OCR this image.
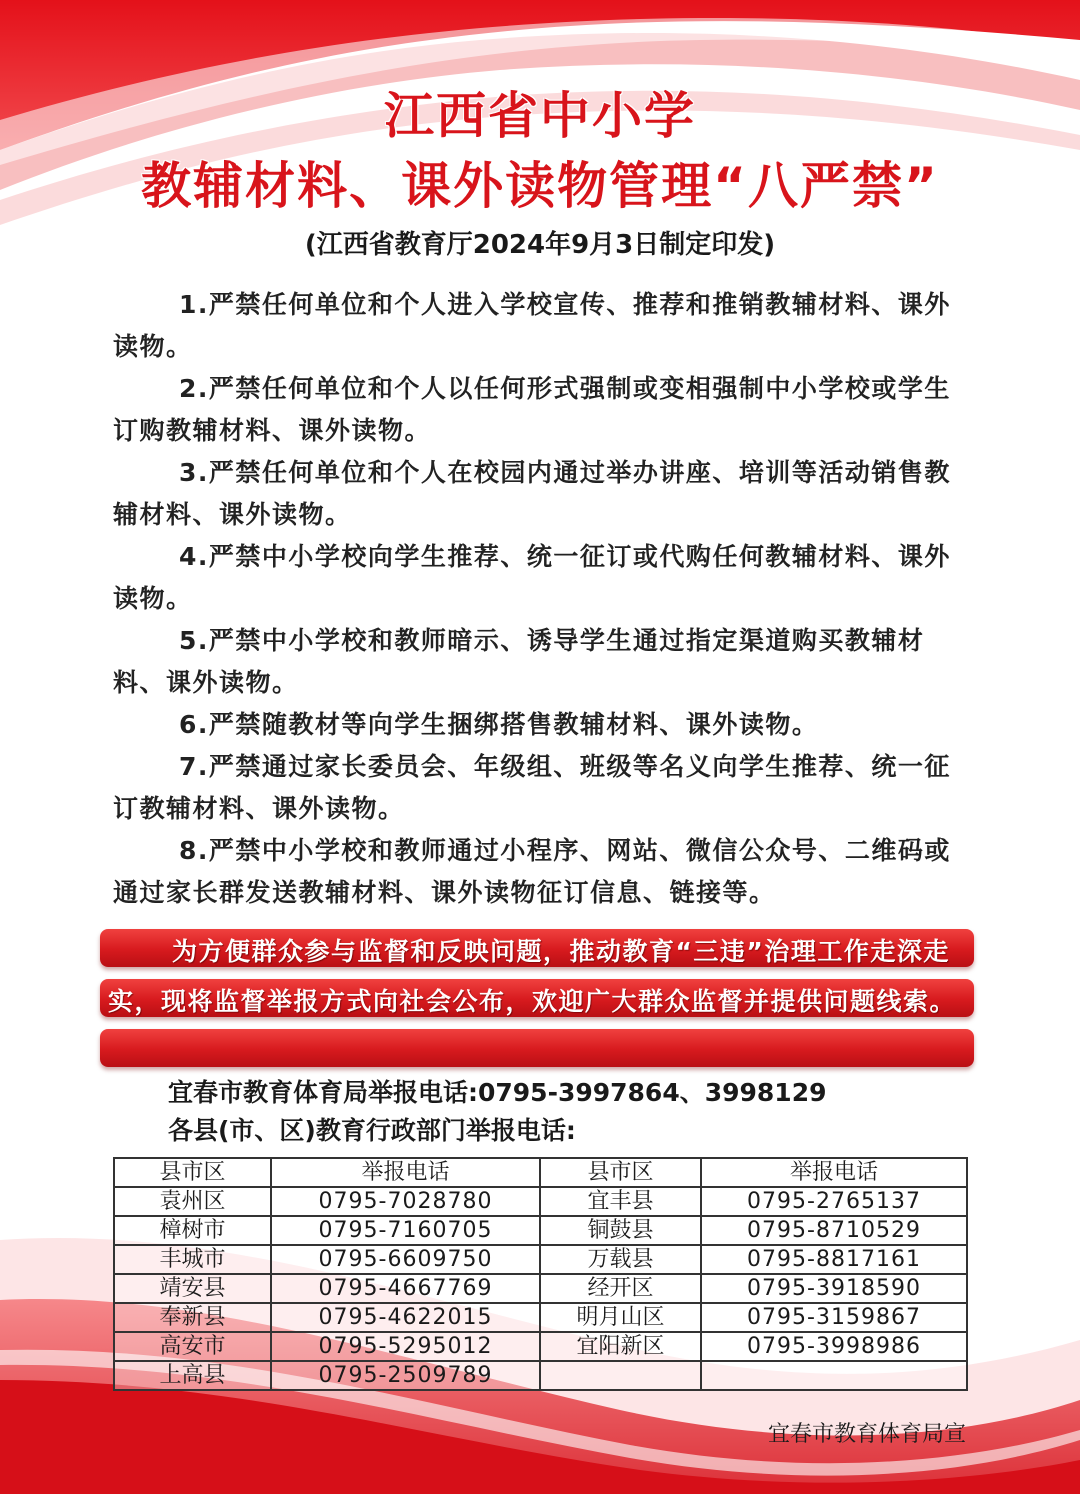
江西省中小学
教辅材料、课外读物管理“八严禁”
(江西省教育厅2024年9月3日制定印发)
1.严禁任何单位和个人进入学校宣传、推荐和推销教辅材料、课外读物。
2.严禁任何单位和个人以任何形式强制或变相强制中小学校或学生订购教辅材料、课外读物。
3.严禁任何单位和个人在校园内通过举办讲座、培训等活动销售教辅材料、课外读物。
4.严禁中小学校向学生推荐、统一征订或代购任何教辅材料、课外读物。
5.严禁中小学校和教师暗示、诱导学生通过指定渠道购买教辅材料、课外读物。
6.严禁随教材等向学生捆绑搭售教辅材料、课外读物。
7.严禁通过家长委员会、年级组、班级等名义向学生推荐、统一征订教辅材料、课外读物。
8.严禁中小学校和教师通过小程序、网站、微信公众号、二维码或通过家长群发送教辅材料、课外读物征订信息、链接等。
为方便群众参与监督和反映问题，推动教育“三违”治理工作走深走实，现将监督举报方式向社会公布，欢迎广大群众监督并提供问题线索。
宜春市教育体育局举报电话:0795-3997864、3998129
各县(市、区)教育行政部门举报电话:
县市区	举报电话	县市区	举报电话
袁州区	0795-7028780	宜丰县	0795-2765137
樟树市	0795-7160705	铜鼓县	0795-8710529
丰城市	0795-6609750	万载县	0795-8817161
靖安县	0795-4667769	经开区	0795-3918590
奉新县	0795-4622015	明月山区	0795-3159867
高安市	0795-5295012	宜阳新区	0795-3998986
上高县	0795-2509789		
宜春市教育体育局宣
